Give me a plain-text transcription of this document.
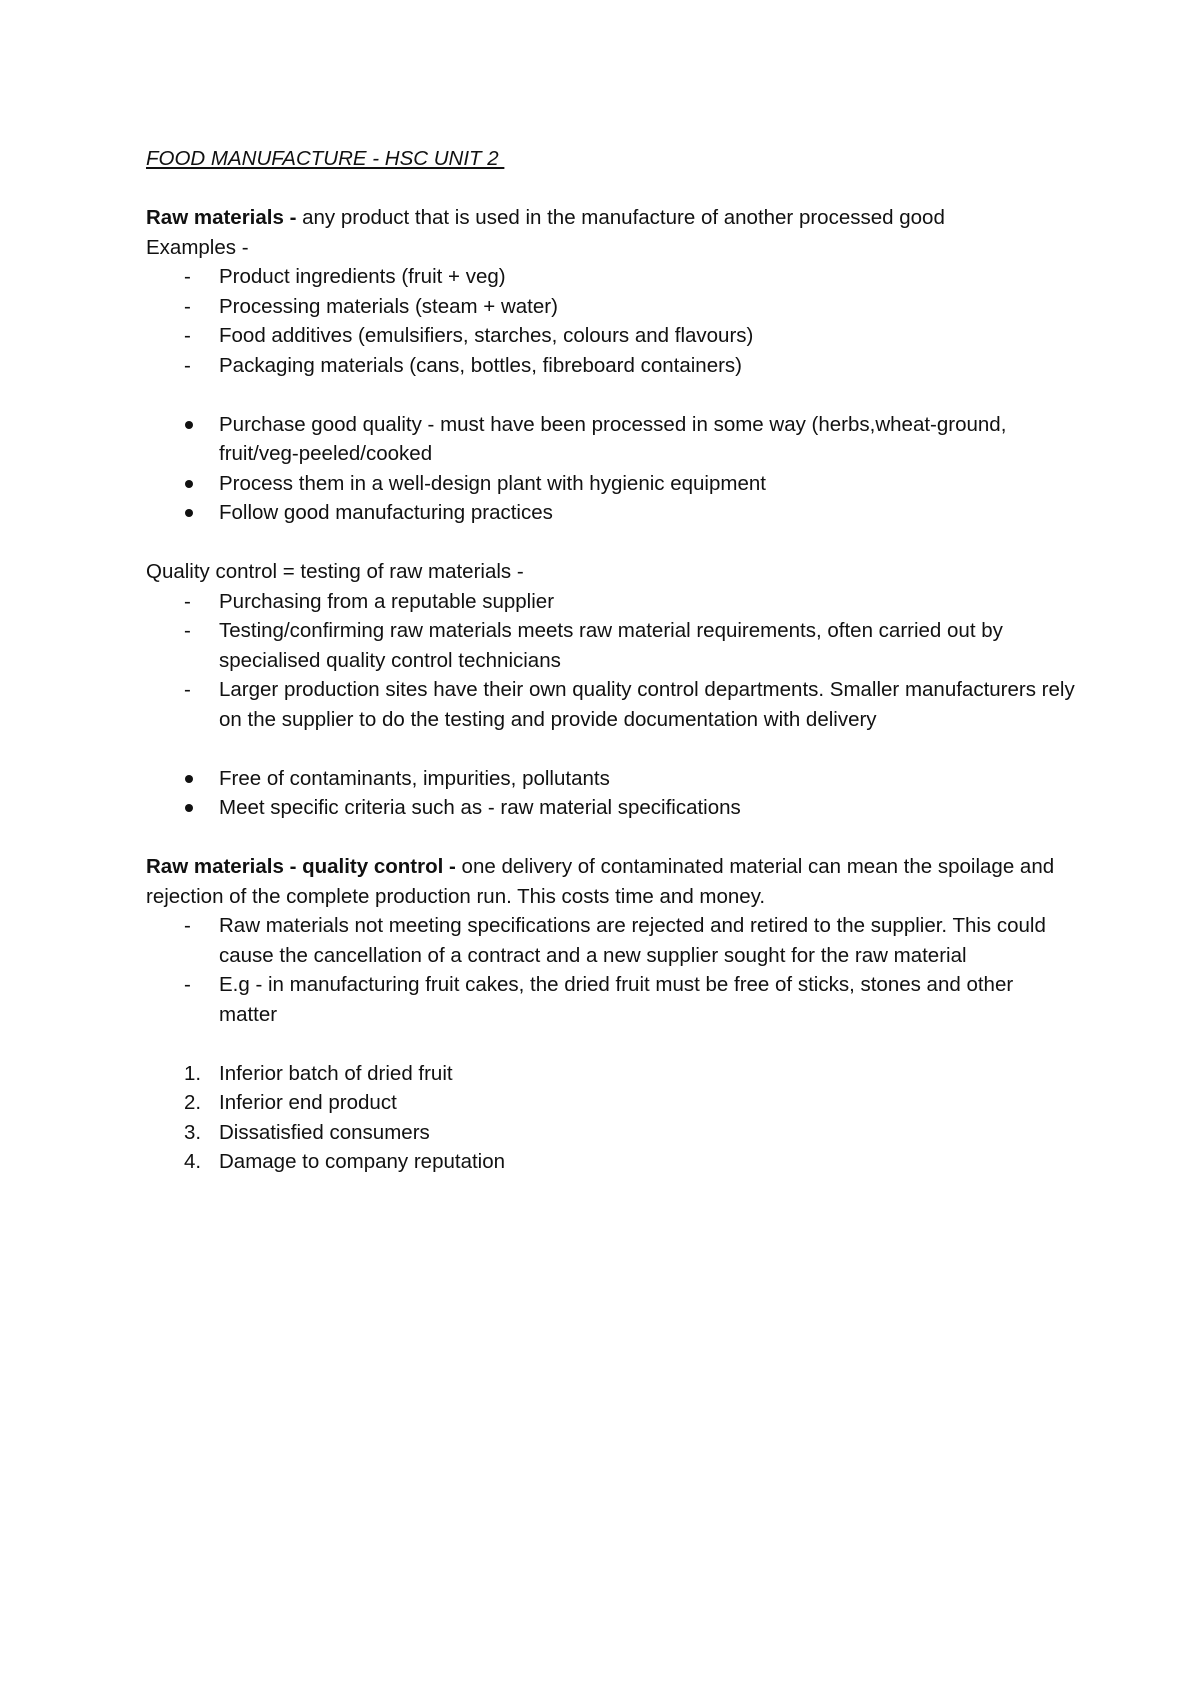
FOOD MANUFACTURE - HSC UNIT 2

Raw materials - any product that is used in the manufacture of another processed good

Examples -

- Product ingredients (fruit + veg)
- Processing materials (steam + water)
- Food additives (emulsifiers, starches, colours and flavours)
- Packaging materials (cans, bottles, fibreboard containers)
Purchase good quality - must have been processed in some way (herbs,wheat-ground, fruit/veg-peeled/cooked
Process them in a well-design plant with hygienic equipment
Follow good manufacturing practices

Quality control = testing of raw materials -

- Purchasing from a reputable supplier
- Testing/confirming raw materials meets raw material requirements, often carried out by specialised quality control technicians
- Larger production sites have their own quality control departments. Smaller manufacturers rely on the supplier to do the testing and provide documentation with delivery
Free of contaminants, impurities, pollutants
Meet specific criteria such as - raw material specifications

Raw materials - quality control - one delivery of contaminated material can mean the spoilage and rejection of the complete production run. This costs time and money.

- Raw materials not meeting specifications are rejected and retired to the supplier. This could cause the cancellation of a contract and a new supplier sought for the raw material
- E.g - in manufacturing fruit cakes, the dried fruit must be free of sticks, stones and other matter
1. Inferior batch of dried fruit
2. Inferior end product
3. Dissatisfied consumers
4. Damage to company reputation
